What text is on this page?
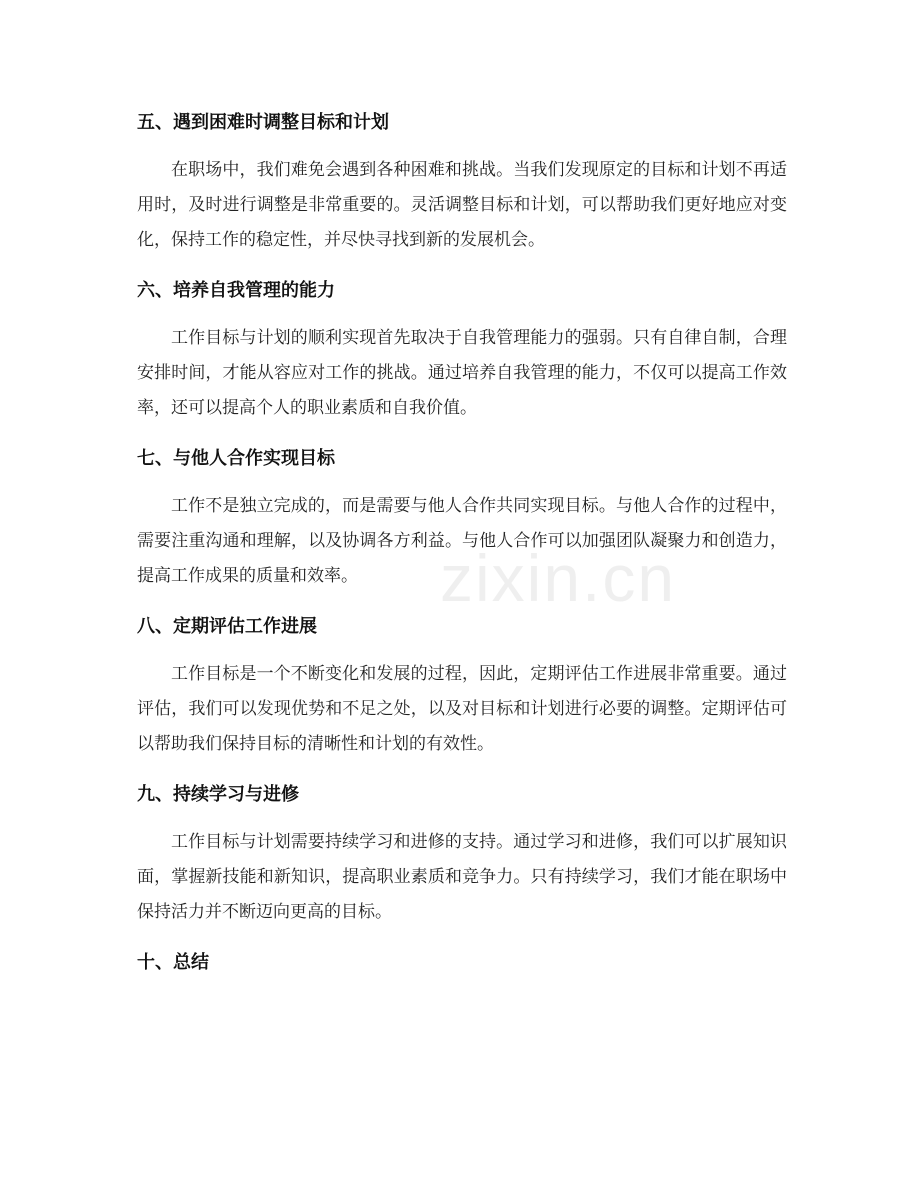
五、遇到困难时调整目标和计划

在职场中，我们难免会遇到各种困难和挑战。当我们发现原定的目标和计划不再适用时，及时进行调整是非常重要的。灵活调整目标和计划，可以帮助我们更好地应对变化，保持工作的稳定性，并尽快寻找到新的发展机会。

六、培养自我管理的能力

工作目标与计划的顺利实现首先取决于自我管理能力的强弱。只有自律自制，合理安排时间，才能从容应对工作的挑战。通过培养自我管理的能力，不仅可以提高工作效率，还可以提高个人的职业素质和自我价值。

七、与他人合作实现目标

工作不是独立完成的，而是需要与他人合作共同实现目标。与他人合作的过程中，需要注重沟通和理解，以及协调各方利益。与他人合作可以加强团队凝聚力和创造力，提高工作成果的质量和效率。

八、定期评估工作进展

工作目标是一个不断变化和发展的过程，因此，定期评估工作进展非常重要。通过评估，我们可以发现优势和不足之处，以及对目标和计划进行必要的调整。定期评估可以帮助我们保持目标的清晰性和计划的有效性。

九、持续学习与进修

工作目标与计划需要持续学习和进修的支持。通过学习和进修，我们可以扩展知识面，掌握新技能和新知识，提高职业素质和竞争力。只有持续学习，我们才能在职场中保持活力并不断迈向更高的目标。

十、总结
zixin.cn
